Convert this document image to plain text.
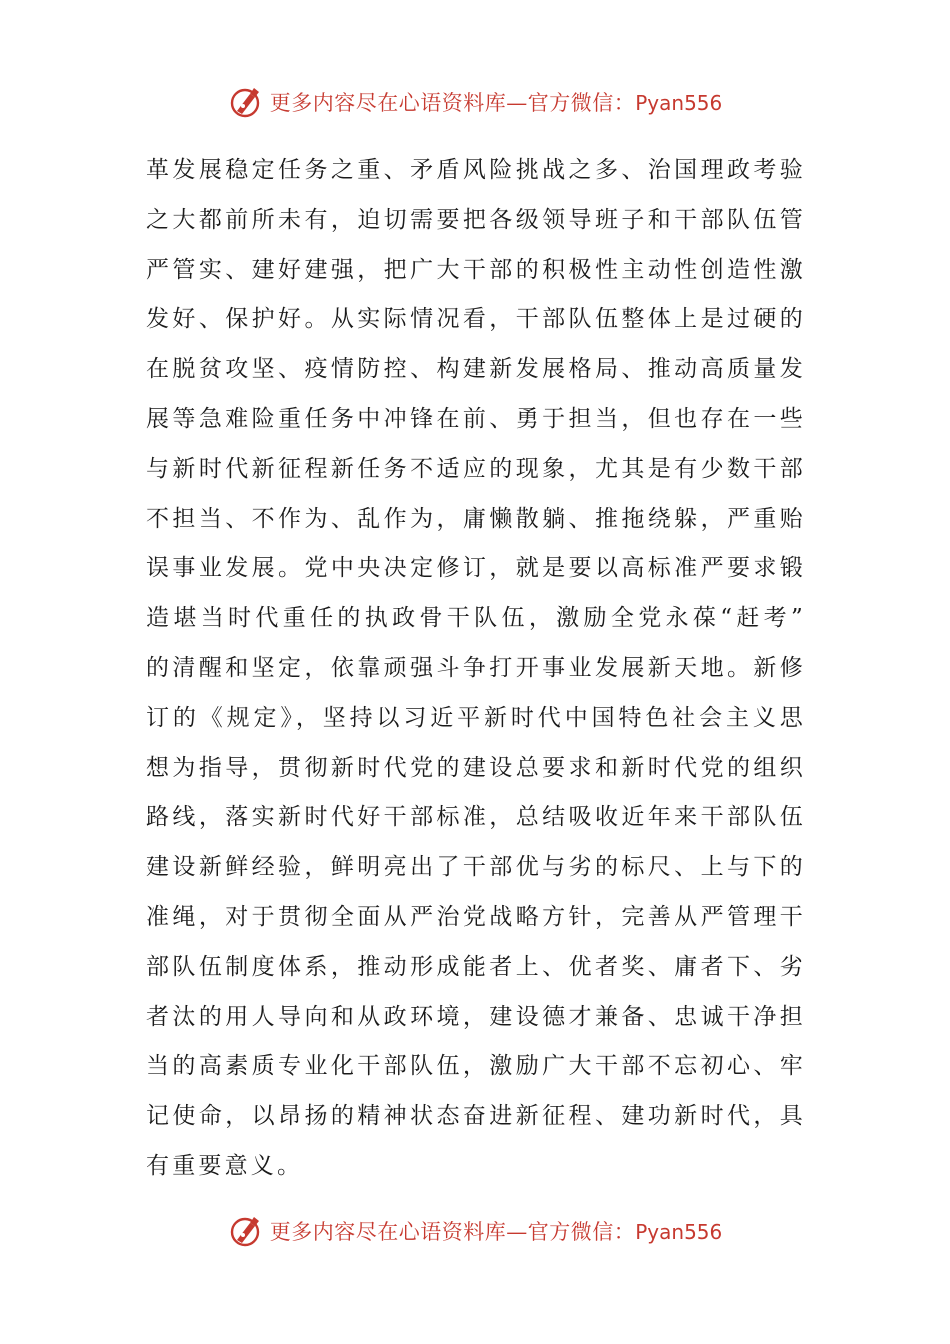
更多内容尽在心语资料库—官方微信：Pyan556
革发展稳定任务之重、矛盾风险挑战之多、治国理政考验
之大都前所未有，迫切需要把各级领导班子和干部队伍管
严管实、建好建强，把广大干部的积极性主动性创造性激
发好、保护好。从实际情况看，干部队伍整体上是过硬的
在脱贫攻坚、疫情防控、构建新发展格局、推动高质量发
展等急难险重任务中冲锋在前、勇于担当，但也存在一些
与新时代新征程新任务不适应的现象，尤其是有少数干部
不担当、不作为、乱作为，庸懒散躺、推拖绕躲，严重贻
误事业发展。党中央决定修订，就是要以高标准严要求锻
造堪当时代重任的执政骨干队伍，激励全党永葆“赶考”
的清醒和坚定，依靠顽强斗争打开事业发展新天地。新修
订的《规定》，坚持以习近平新时代中国特色社会主义思
想为指导，贯彻新时代党的建设总要求和新时代党的组织
路线，落实新时代好干部标准，总结吸收近年来干部队伍
建设新鲜经验，鲜明亮出了干部优与劣的标尺、上与下的
准绳，对于贯彻全面从严治党战略方针，完善从严管理干
部队伍制度体系，推动形成能者上、优者奖、庸者下、劣
者汰的用人导向和从政环境，建设德才兼备、忠诚干净担
当的高素质专业化干部队伍，激励广大干部不忘初心、牢
记使命，以昂扬的精神状态奋进新征程、建功新时代，具
有重要意义。
更多内容尽在心语资料库—官方微信：Pyan556
